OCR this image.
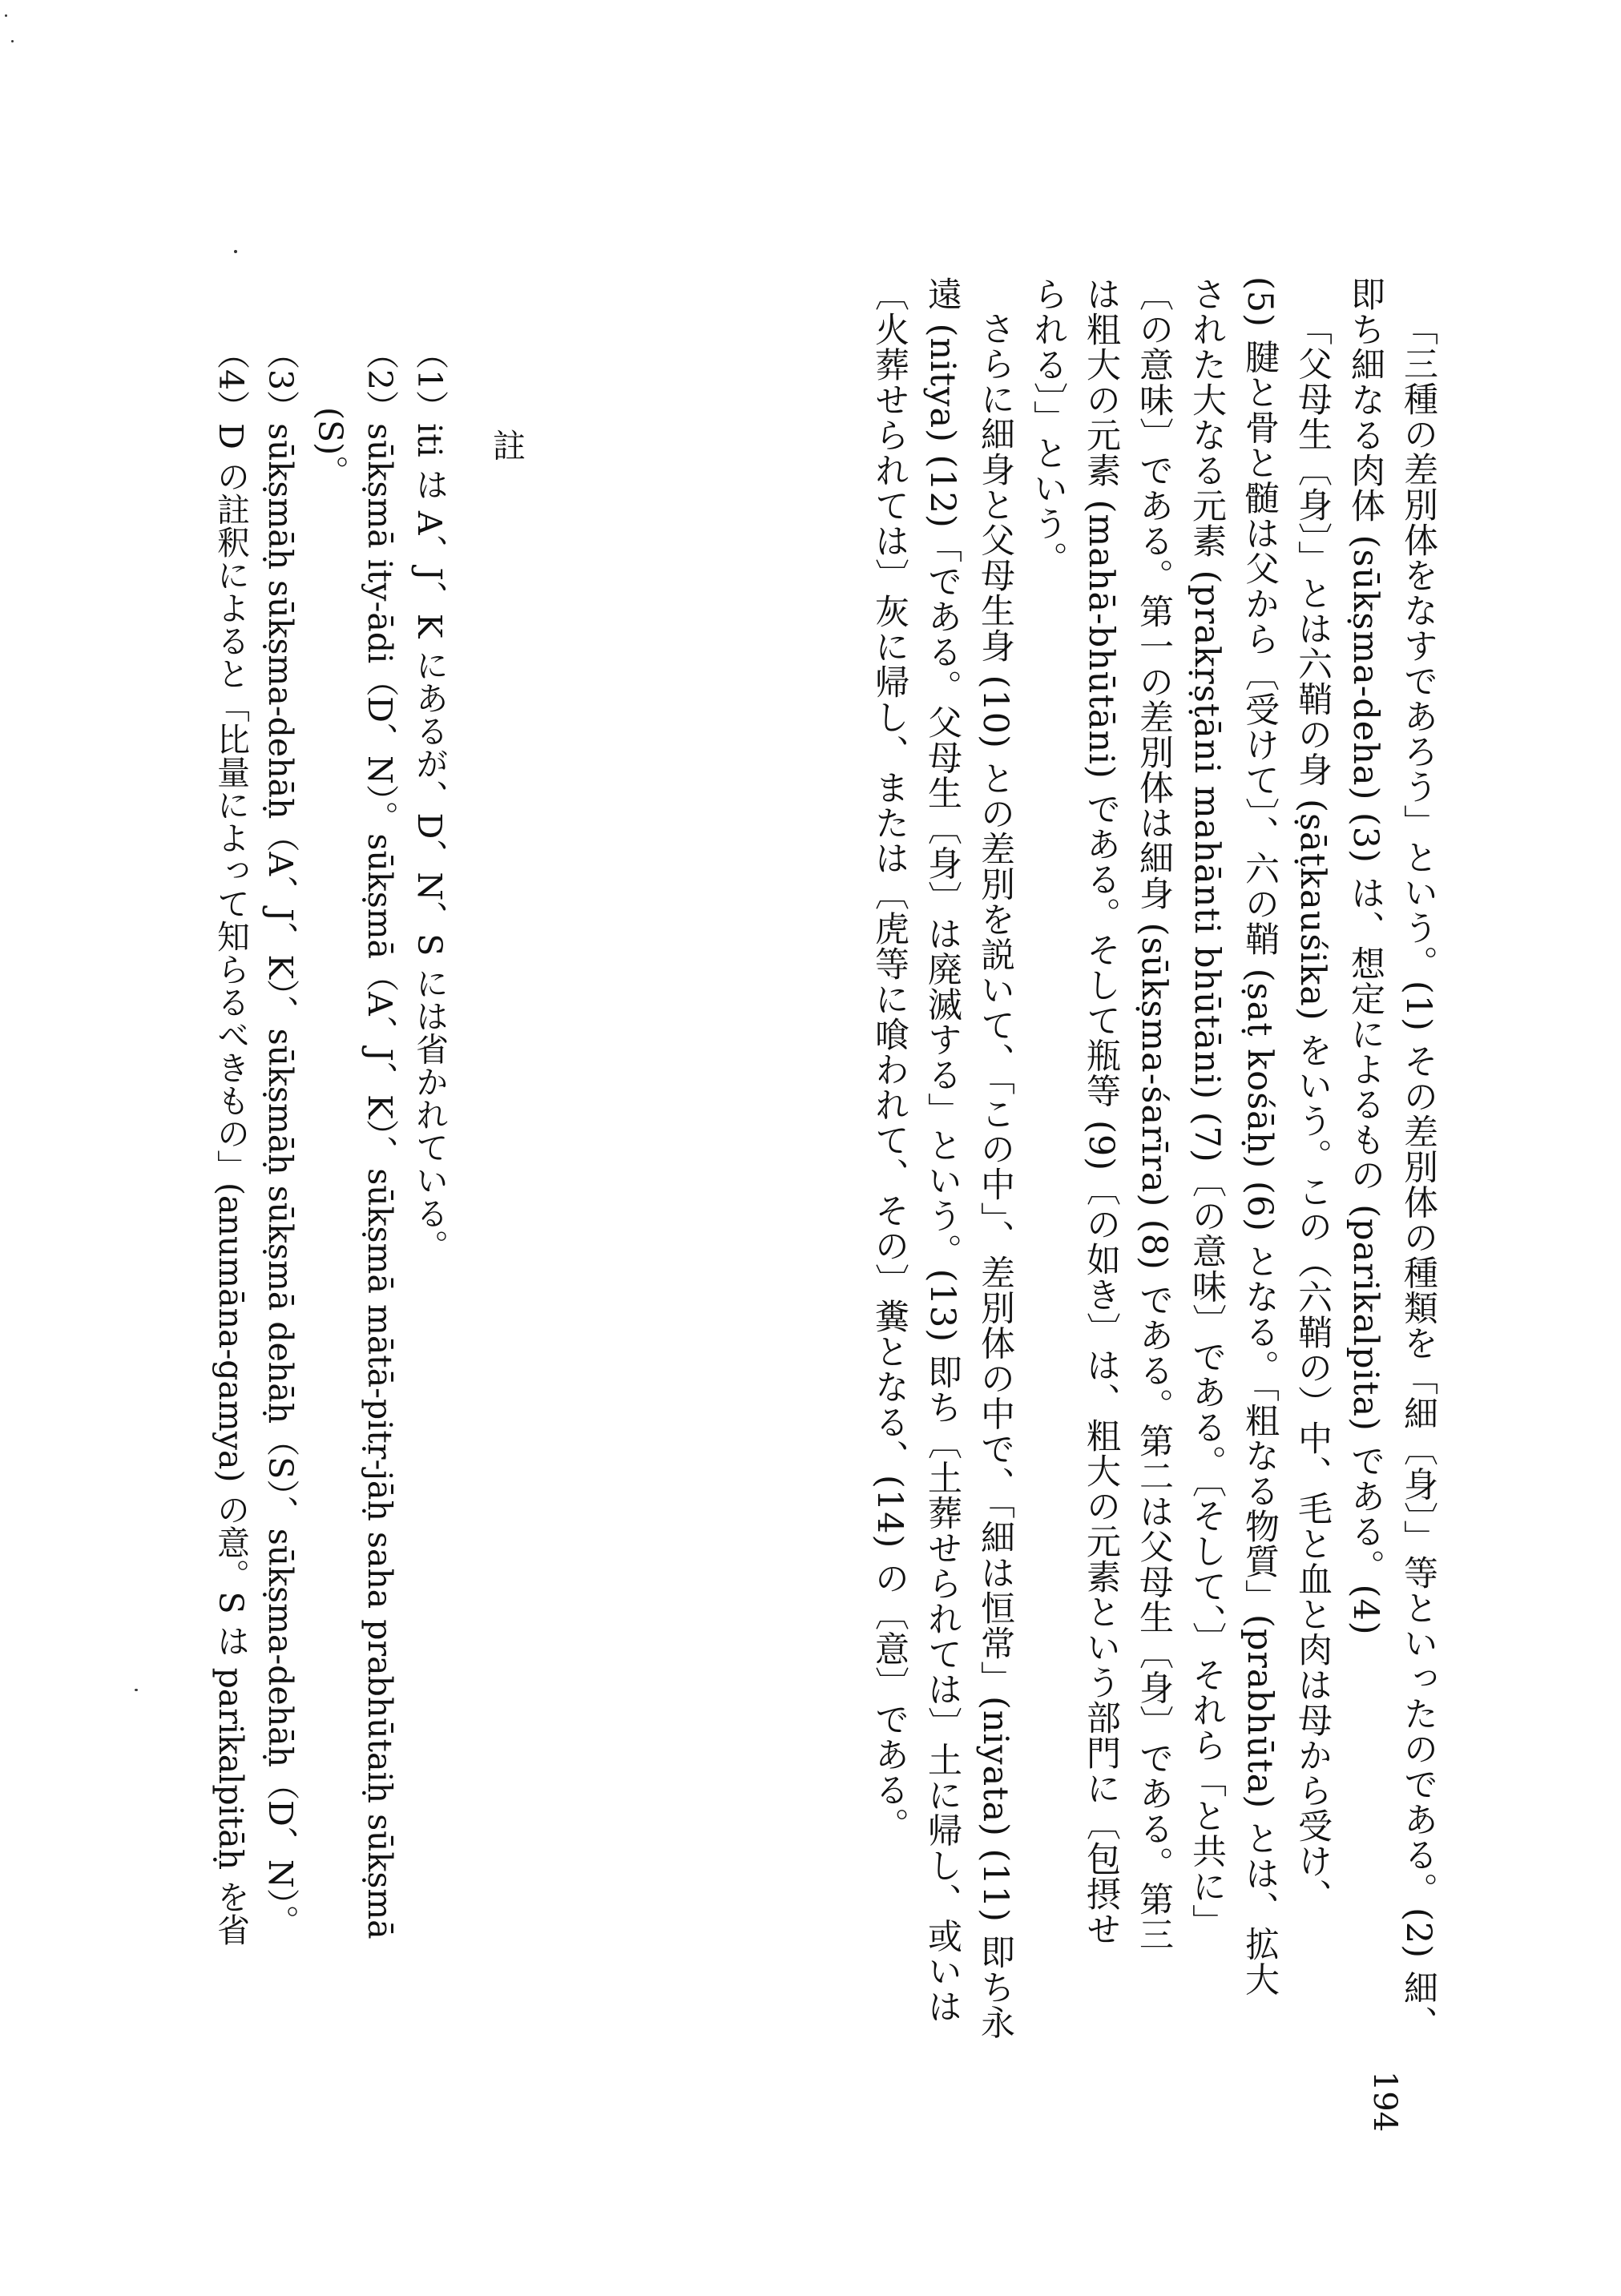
「三種の差別体をなすであろう」という。(1) その差別体の種類を「細〔身〕」等といったのである。(2) 細、
即ち細なる肉体 (sūkṣma-deha) (3) は、想定によるもの (parikalpita) である。(4)
「父母生〔身〕」とは六鞘の身 (ṣāṭkauśika) をいう。この（六鞘の）中、毛と血と肉は母から受け、
(5) 腱と骨と髄は父から〔受けて〕、六の鞘 (ṣaṭ kośāḥ) (6) となる。「粗なる物質」(prabhūta) とは、拡大
された大なる元素 (prakṛṣṭāni mahānti bhūtāni) (7)〔の意味〕である。〔そして、〕それら「と共に」
〔の意味〕である。第一の差別体は細身 (sūkṣma-śarīra) (8) である。第二は父母生〔身〕である。第三
は粗大の元素 (mahā-bhūtāni) である。そして瓶等 (9)〔の如き〕は、粗大の元素という部門に〔包摂せ
られる〕」という。
さらに細身と父母生身 (10) との差別を説いて、「この中」、差別体の中で、「細は恒常」(niyata) (11) 即ち永
遠 (nitya) (12)「である。父母生〔身〕は廃滅する」という。(13) 即ち〔土葬せられては〕土に帰し、或いは
〔火葬せられては〕灰に帰し、または〔虎等に喰われて、その〕糞となる、(14) の〔意〕である。
註
（1）iti は A、J、K にあるが、D、N、S には省かれている。
（2）sūkṣmā ity-ādi（D、N）。sūkṣmā（A、J、K）、sūkṣmā mātā-pitṛ-jāḥ saha prabhūtaiḥ sūkṣmā
(S)。
（3）sūkṣmāḥ sūkṣma-dehāḥ（A、J、K）、sūkṣmāḥ sūkṣmā dehāḥ（S）、sūkṣma-dehāḥ（D、N）。
（4）D の註釈によると「比量によって知らるべきもの」(anumāna-gamya) の意。S は parikalpitāḥ を省
194
